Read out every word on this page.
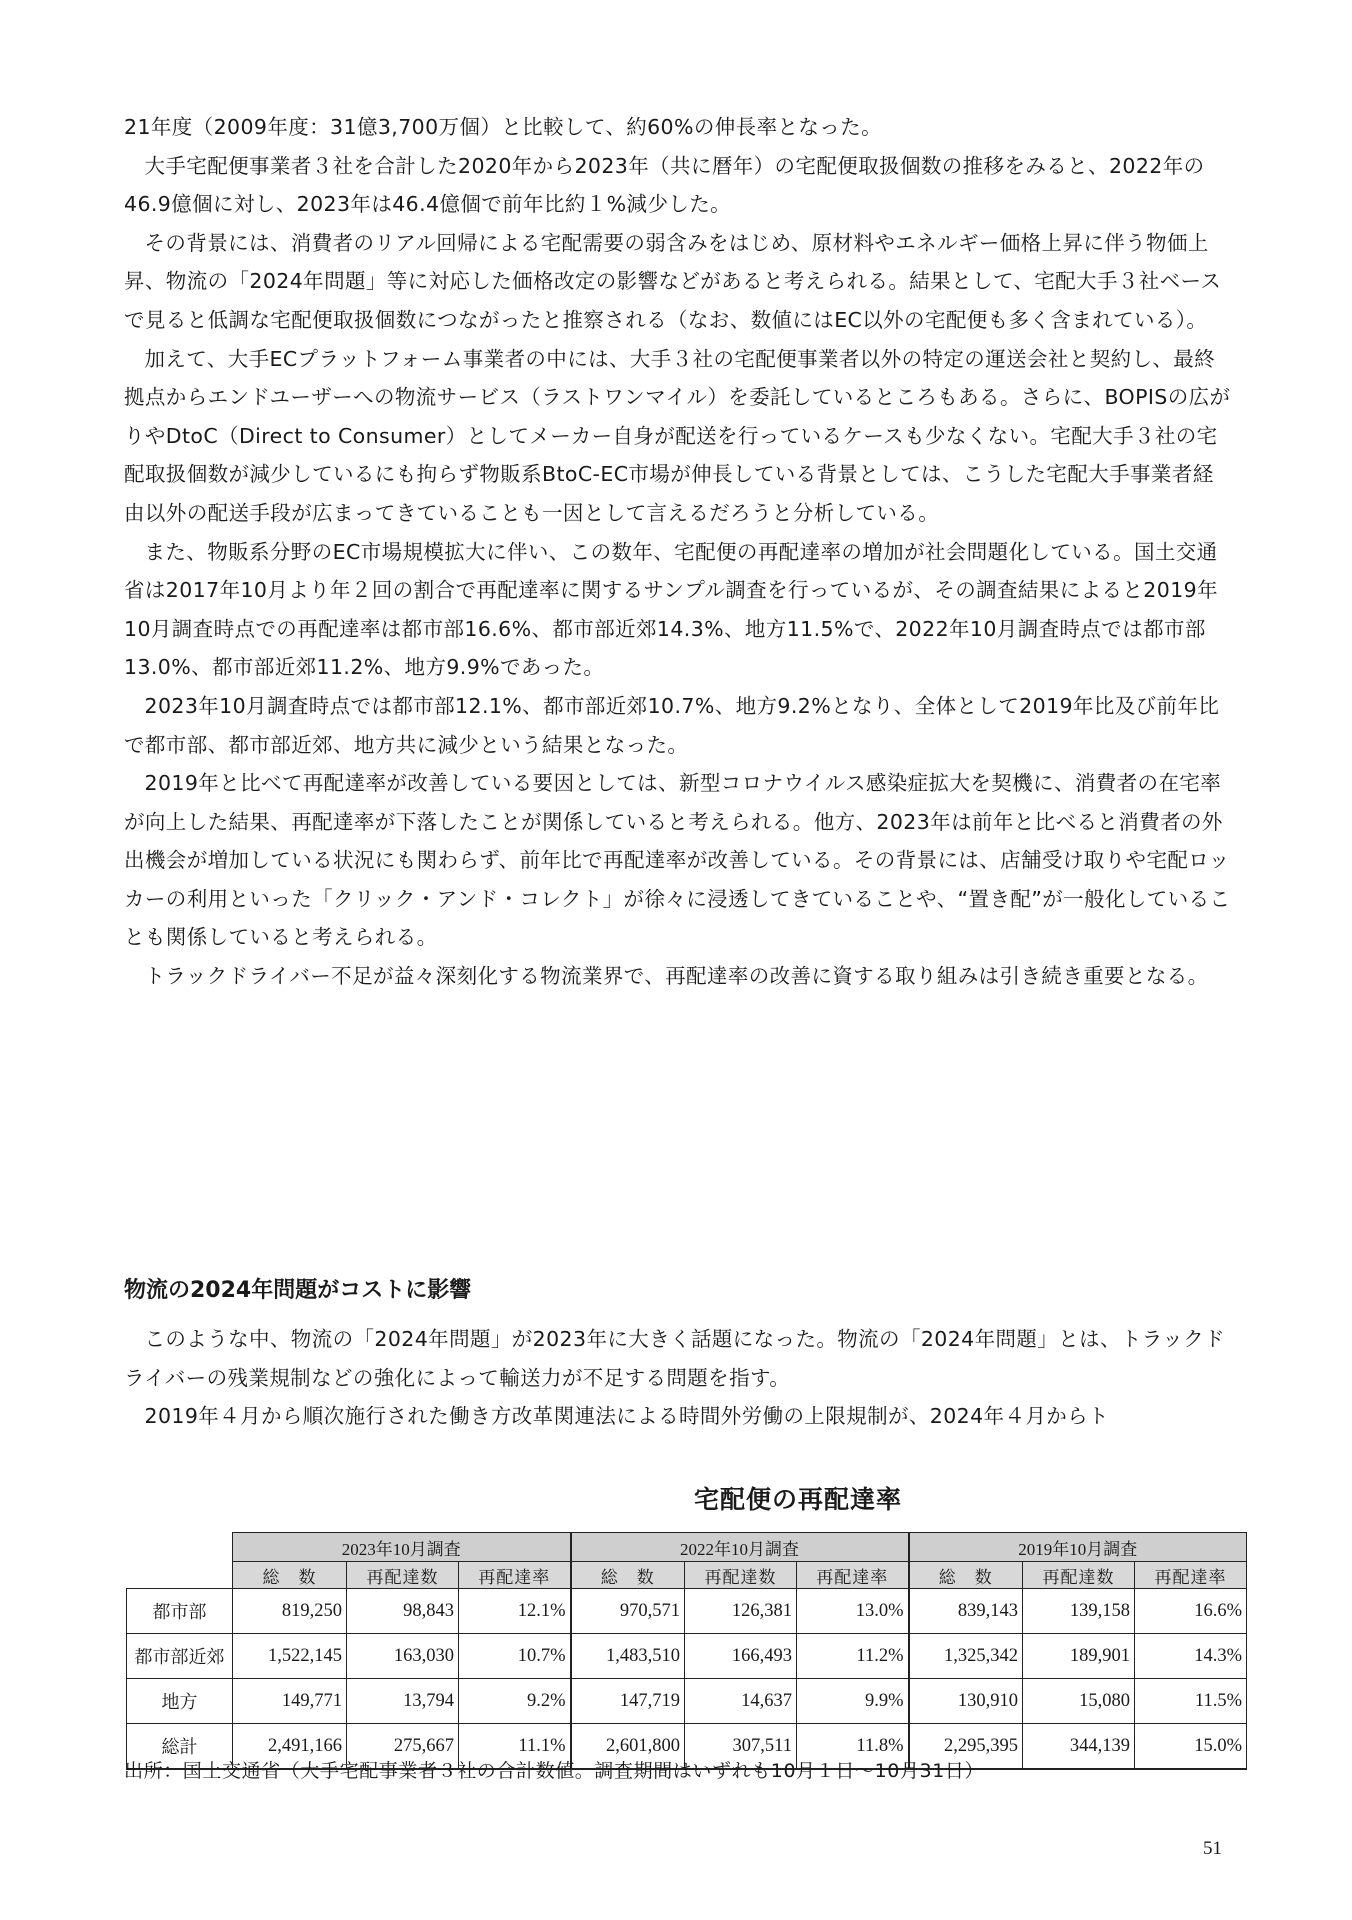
21年度（2009年度：31億3,700万個）と比較して、約60%の伸長率となった。

大手宅配便事業者３社を合計した2020年から2023年（共に暦年）の宅配便取扱個数の推移をみると、2022年の46.9億個に対し、2023年は46.4億個で前年比約１%減少した。

その背景には、消費者のリアル回帰による宅配需要の弱含みをはじめ、原材料やエネルギー価格上昇に伴う物価上昇、物流の「2024年問題」等に対応した価格改定の影響などがあると考えられる。結果として、宅配大手３社ベースで見ると低調な宅配便取扱個数につながったと推察される（なお、数値にはEC以外の宅配便も多く含まれている）。

加えて、大手ECプラットフォーム事業者の中には、大手３社の宅配便事業者以外の特定の運送会社と契約し、最終拠点からエンドユーザーへの物流サービス（ラストワンマイル）を委託しているところもある。さらに、BOPISの広がりやDtoC（Direct to Consumer）としてメーカー自身が配送を行っているケースも少なくない。宅配大手３社の宅配取扱個数が減少しているにも拘らず物販系BtoC-EC市場が伸長している背景としては、こうした宅配大手事業者経由以外の配送手段が広まってきていることも一因として言えるだろうと分析している。

また、物販系分野のEC市場規模拡大に伴い、この数年、宅配便の再配達率の増加が社会問題化している。国土交通省は2017年10月より年２回の割合で再配達率に関するサンプル調査を行っているが、その調査結果によると2019年10月調査時点での再配達率は都市部16.6%、都市部近郊14.3%、地方11.5%で、2022年10月調査時点では都市部13.0%、都市部近郊11.2%、地方9.9%であった。

2023年10月調査時点では都市部12.1%、都市部近郊10.7%、地方9.2%となり、全体として2019年比及び前年比で都市部、都市部近郊、地方共に減少という結果となった。

2019年と比べて再配達率が改善している要因としては、新型コロナウイルス感染症拡大を契機に、消費者の在宅率が向上した結果、再配達率が下落したことが関係していると考えられる。他方、2023年は前年と比べると消費者の外出機会が増加している状況にも関わらず、前年比で再配達率が改善している。その背景には、店舗受け取りや宅配ロッカーの利用といった「クリック・アンド・コレクト」が徐々に浸透してきていることや、“置き配”が一般化していることも関係していると考えられる。

トラックドライバー不足が益々深刻化する物流業界で、再配達率の改善に資する取り組みは引き続き重要となる。

物流の2024年問題がコストに影響

このような中、物流の「2024年問題」が2023年に大きく話題になった。物流の「2024年問題」とは、トラックドライバーの残業規制などの強化によって輸送力が不足する問題を指す。

2019年４月から順次施行された働き方改革関連法による時間外労働の上限規制が、2024年４月からト

宅配便の再配達率
	2023年10月調査			2022年10月調査			2019年10月調査		
	総　数	再配達数	再配達率	総　数	再配達数	再配達率	総　数	再配達数	再配達率
都市部	819,250	98,843	12.1%	970,571	126,381	13.0%	839,143	139,158	16.6%
都市部近郊	1,522,145	163,030	10.7%	1,483,510	166,493	11.2%	1,325,342	189,901	14.3%
地方	149,771	13,794	9.2%	147,719	14,637	9.9%	130,910	15,080	11.5%
総計	2,491,166	275,667	11.1%	2,601,800	307,511	11.8%	2,295,395	344,139	15.0%
出所：国土交通省（大手宅配事業者３社の合計数値。調査期間はいずれも10月１日～10月31日）
51
